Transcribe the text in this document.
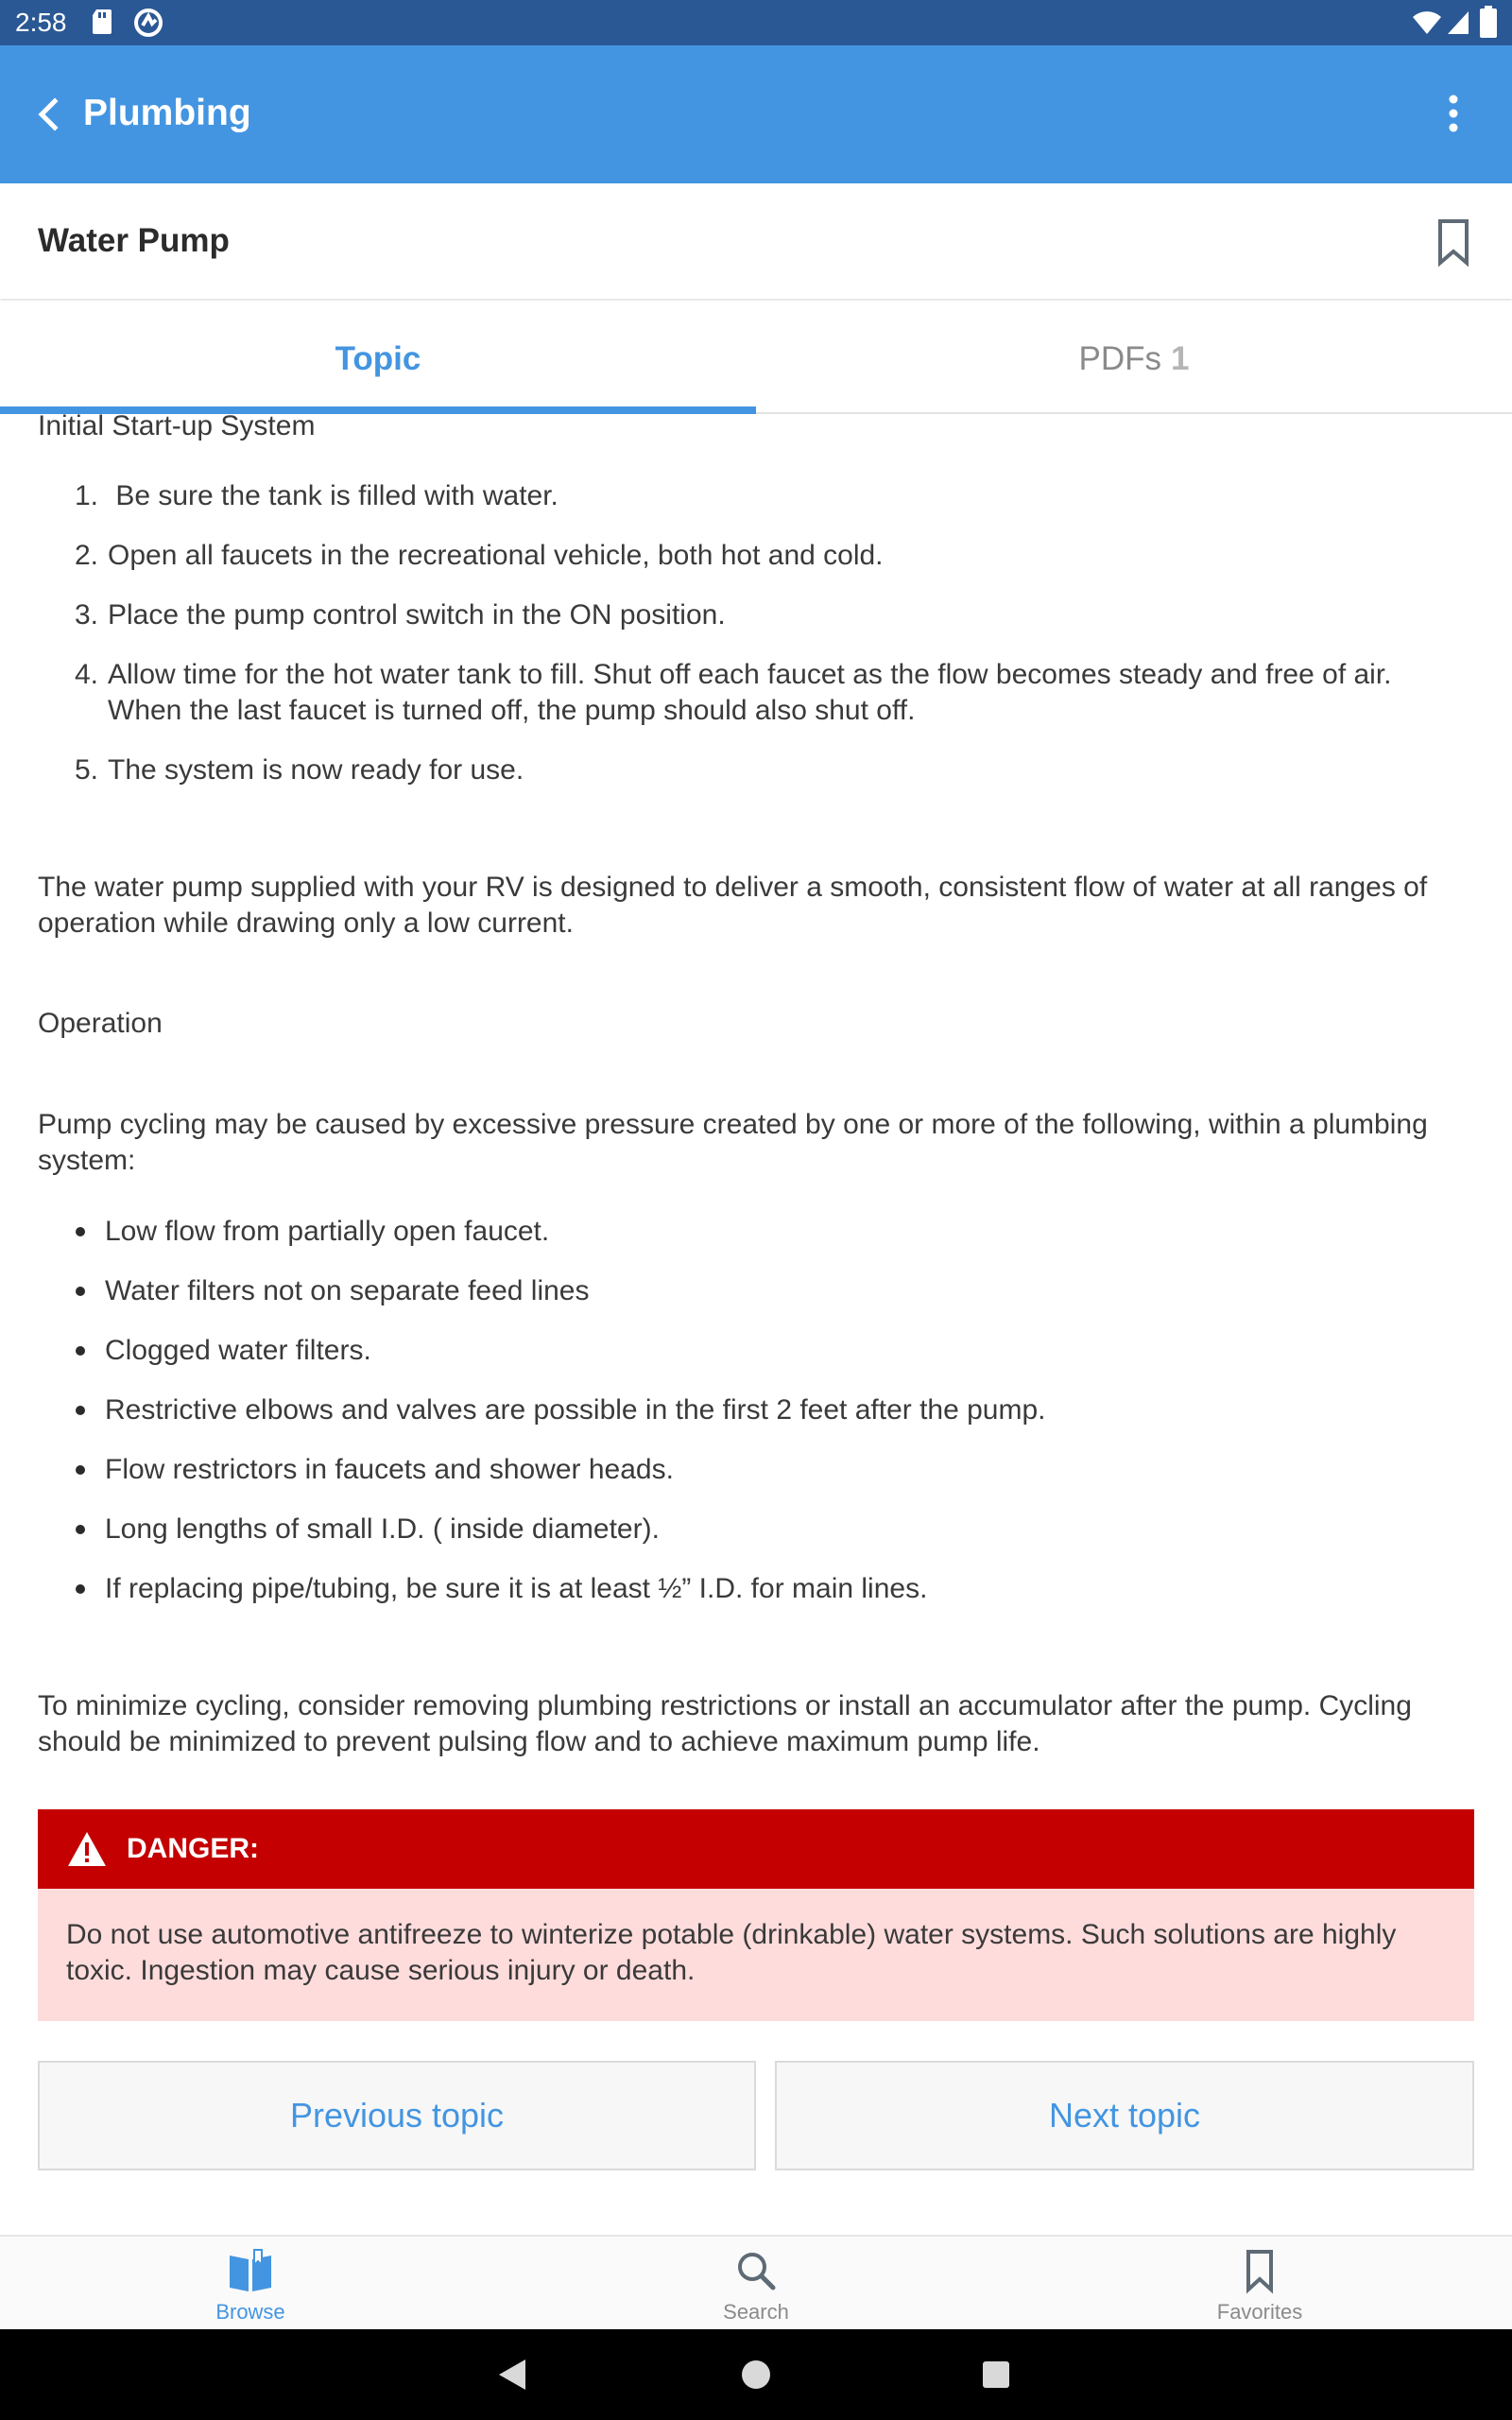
2:58
Plumbing
Water Pump
Topic	PDFs 1
Initial Start-up System
1. Be sure the tank is filled with water.
2. Open all faucets in the recreational vehicle, both hot and cold.
3. Place the pump control switch in the ON position.
4. Allow time for the hot water tank to fill. Shut off each faucet as the flow becomes steady and free of air. When the last faucet is turned off, the pump should also shut off.
5. The system is now ready for use.
The water pump supplied with your RV is designed to deliver a smooth, consistent flow of water at all ranges of operation while drawing only a low current.
Operation
Pump cycling may be caused by excessive pressure created by one or more of the following, within a plumbing system:
Low flow from partially open faucet.
Water filters not on separate feed lines
Clogged water filters.
Restrictive elbows and valves are possible in the first 2 feet after the pump.
Flow restrictors in faucets and shower heads.
Long lengths of small I.D. ( inside diameter).
If replacing pipe/tubing, be sure it is at least ½” I.D. for main lines.
To minimize cycling, consider removing plumbing restrictions or install an accumulator after the pump. Cycling should be minimized to prevent pulsing flow and to achieve maximum pump life.
DANGER:
Do not use automotive antifreeze to winterize potable (drinkable) water systems. Such solutions are highly toxic. Ingestion may cause serious injury or death.
Previous topic	Next topic
Browse	Search	Favorites
